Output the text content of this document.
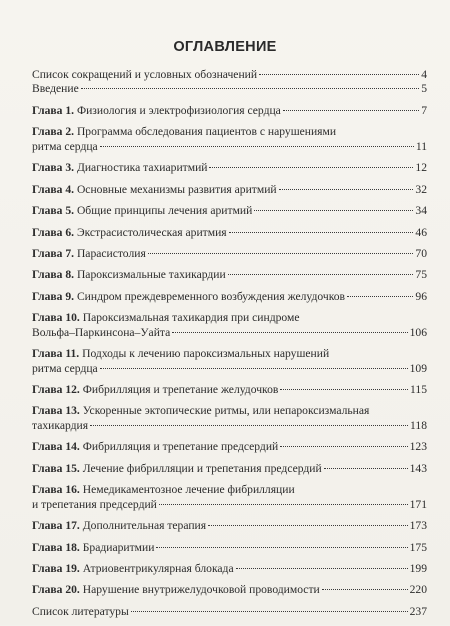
ОГЛАВЛЕНИЕ
Список сокращений и условных обозначений	4
Введение	5
Глава 1. Физиология и электрофизиология сердца	7
Глава 2. Программа обследования пациентов с нарушениями
ритма сердца	11
Глава 3. Диагностика тахиаритмий	12
Глава 4. Основные механизмы развития аритмий	32
Глава 5. Общие принципы лечения аритмий	34
Глава 6. Экстрасистолическая аритмия	46
Глава 7. Парасистолия	70
Глава 8. Пароксизмальные тахикардии	75
Глава 9. Синдром преждевременного возбуждения желудочков	96
Глава 10. Пароксизмальная тахикардия при синдроме
Вольфа–Паркинсона–Уайта	106
Глава 11. Подходы к лечению пароксизмальных нарушений
ритма сердца	109
Глава 12. Фибрилляция и трепетание желудочков	115
Глава 13. Ускоренные эктопические ритмы, или непароксизмальная
тахикардия	118
Глава 14. Фибрилляция и трепетание предсердий	123
Глава 15. Лечение фибрилляции и трепетания предсердий	143
Глава 16. Немедикаментозное лечение фибрилляции
и трепетания предсердий	171
Глава 17. Дополнительная терапия	173
Глава 18. Брадиаритмии	175
Глава 19. Атриовентрикулярная блокада	199
Глава 20. Нарушение внутрижелудочковой проводимости	220
Список литературы	237
